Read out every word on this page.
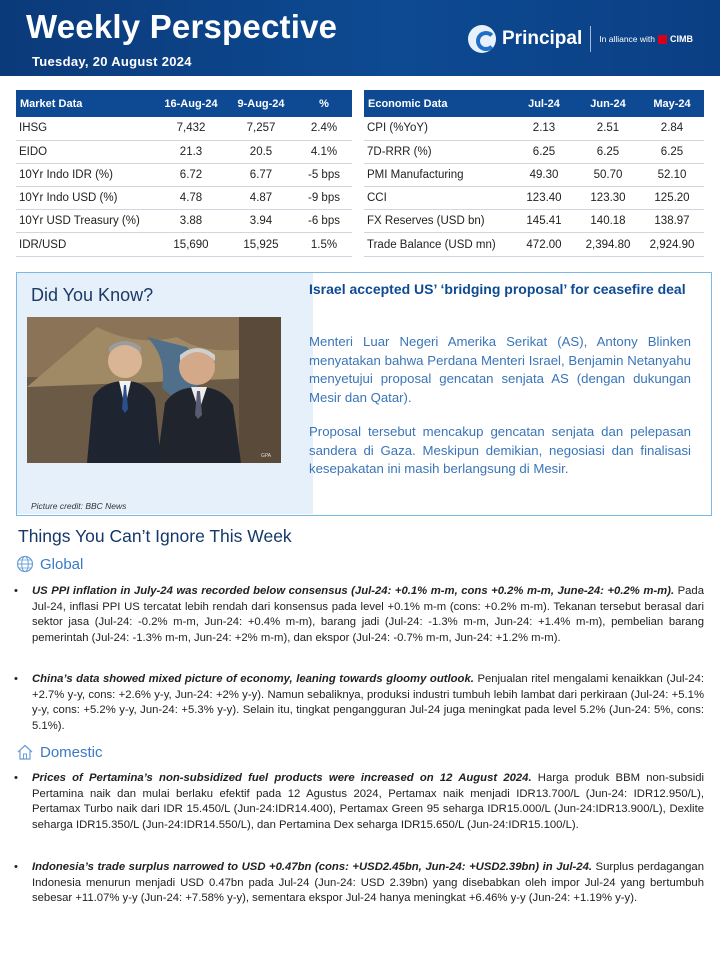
Weekly Perspective
Tuesday, 20 August 2024
Principal In alliance with CIMB
Market Data	16-Aug-24	9-Aug-24	%
IHSG	7,432	7,257	2.4%
EIDO	21.3	20.5	4.1%
10Yr Indo IDR (%)	6.72	6.77	-5 bps
10Yr Indo USD (%)	4.78	4.87	-9 bps
10Yr USD Treasury (%)	3.88	3.94	-6 bps
IDR/USD	15,690	15,925	1.5%
Economic Data	Jul-24	Jun-24	May-24
CPI (%YoY)	2.13	2.51	2.84
7D-RRR (%)	6.25	6.25	6.25
PMI Manufacturing	49.30	50.70	52.10
CCI	123.40	123.30	125.20
FX Reserves (USD bn)	145.41	140.18	138.97
Trade Balance (USD mn)	472.00	2,394.80	2,924.90
Did You Know?
GPA
Picture credit: BBC News
Israel accepted US’ ‘bridging proposal’ for ceasefire deal
Menteri Luar Negeri Amerika Serikat (AS), Antony Blinken menyatakan bahwa Perdana Menteri Israel, Benjamin Netanyahu menyetujui proposal gencatan senjata AS (dengan dukungan Mesir dan Qatar).
Proposal tersebut mencakup gencatan senjata dan pelepasan sandera di Gaza. Meskipun demikian, negosiasi dan finalisasi kesepakatan ini masih berlangsung di Mesir.
Things You Can’t Ignore This Week
Global
• US PPI inflation in July-24 was recorded below consensus (Jul-24: +0.1% m-m, cons +0.2% m-m, June-24: +0.2% m-m). Pada Jul-24, inflasi PPI US tercatat lebih rendah dari konsensus pada level +0.1% m-m (cons: +0.2% m-m). Tekanan tersebut berasal dari sektor jasa (Jul-24: -0.2% m-m, Jun-24: +0.4% m-m), barang jadi (Jul-24: -1.3% m-m, Jun-24: +1.4% m-m), pembelian barang pemerintah (Jul-24: -1.3% m-m, Jun-24: +2% m-m), dan ekspor (Jul-24: -0.7% m-m, Jun-24: +1.2% m-m).
• China’s data showed mixed picture of economy, leaning towards gloomy outlook. Penjualan ritel mengalami kenaikkan (Jul-24: +2.7% y-y, cons: +2.6% y-y, Jun-24: +2% y-y). Namun sebaliknya, produksi industri tumbuh lebih lambat dari perkiraan (Jul-24: +5.1% y-y, cons: +5.2% y-y, Jun-24: +5.3% y-y). Selain itu, tingkat pengangguran Jul-24 juga meningkat pada level 5.2% (Jun-24: 5%, cons: 5.1%).
Domestic
• Prices of Pertamina’s non-subsidized fuel products were increased on 12 August 2024. Harga produk BBM non-subsidi Pertamina naik dan mulai berlaku efektif pada 12 Agustus 2024, Pertamax naik menjadi IDR13.700/L (Jun-24: IDR12.950/L), Pertamax Turbo naik dari IDR 15.450/L (Jun-24:IDR14.400), Pertamax Green 95 seharga IDR15.000/L (Jun-24:IDR13.900/L), Dexlite seharga IDR15.350/L (Jun-24:IDR14.550/L), dan Pertamina Dex seharga IDR15.650/L (Jun-24:IDR15.100/L).
• Indonesia’s trade surplus narrowed to USD +0.47bn (cons: +USD2.45bn, Jun-24: +USD2.39bn) in Jul-24. Surplus perdagangan Indonesia menurun menjadi USD 0.47bn pada Jul-24 (Jun-24: USD 2.39bn) yang disebabkan oleh impor Jul-24 yang bertumbuh sebesar +11.07% y-y (Jun-24: +7.58% y-y), sementara ekspor Jul-24 hanya meningkat +6.46% y-y (Jun-24: +1.19% y-y).
